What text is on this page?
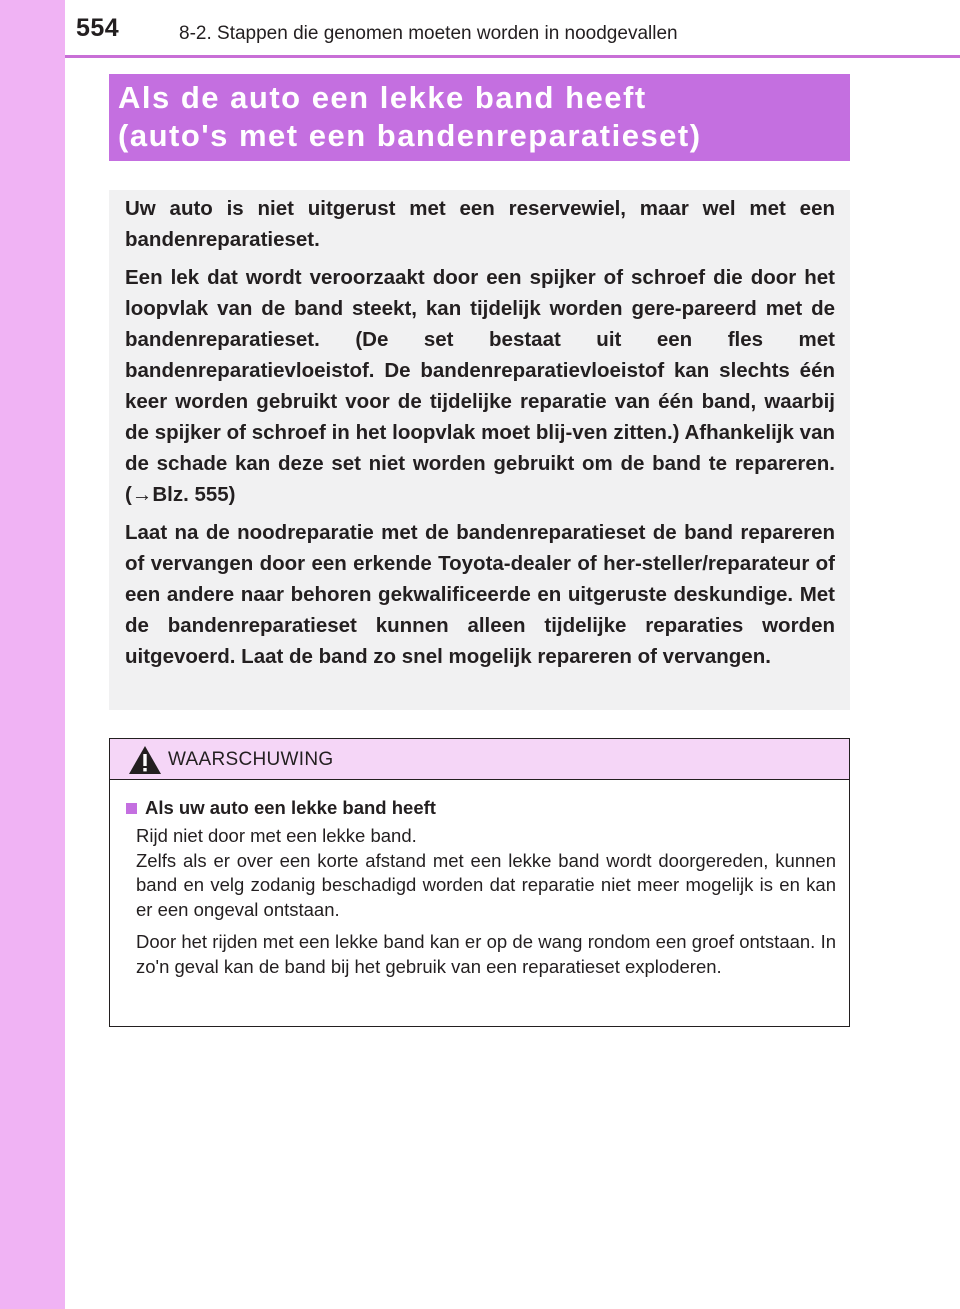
554	8-2. Stappen die genomen moeten worden in noodgevallen
Als de auto een lekke band heeft
(auto's met een bandenreparatieset)

Uw auto is niet uitgerust met een reservewiel, maar wel met een bandenreparatieset.

Een lek dat wordt veroorzaakt door een spijker of schroef die door het loopvlak van de band steekt, kan tijdelijk worden gere-pareerd met de bandenreparatieset. (De set bestaat uit een fles met bandenreparatievloeistof. De bandenreparatievloeistof kan slechts één keer worden gebruikt voor de tijdelijke reparatie van één band, waarbij de spijker of schroef in het loopvlak moet blij-ven zitten.) Afhankelijk van de schade kan deze set niet worden gebruikt om de band te repareren. (→Blz. 555)

Laat na de noodreparatie met de bandenreparatieset de band repareren of vervangen door een erkende Toyota-dealer of her-steller/reparateur of een andere naar behoren gekwalificeerde en uitgeruste deskundige. Met de bandenreparatieset kunnen alleen tijdelijke reparaties worden uitgevoerd. Laat de band zo snel mogelijk repareren of vervangen.

WAARSCHUWING
Als uw auto een lekke band heeft

Rijd niet door met een lekke band.

Zelfs als er over een korte afstand met een lekke band wordt doorgereden, kunnen band en velg zodanig beschadigd worden dat reparatie niet meer mogelijk is en kan er een ongeval ontstaan.

Door het rijden met een lekke band kan er op de wang rondom een groef ontstaan. In zo'n geval kan de band bij het gebruik van een reparatieset exploderen.
